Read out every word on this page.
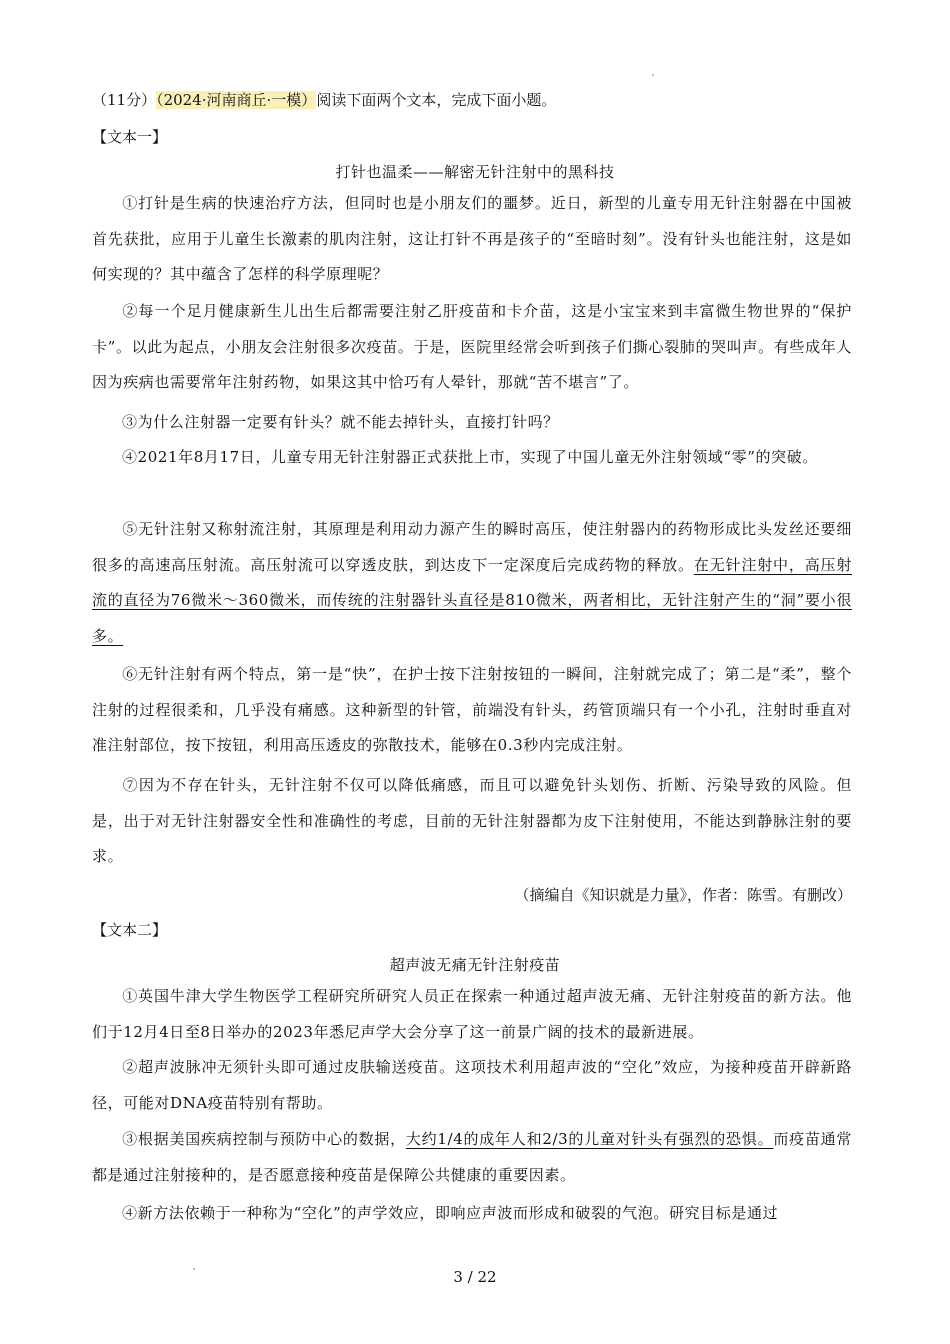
（11分）（2024·河南商丘·一模）阅读下面两个文本，完成下面小题。
【文本一】
打针也温柔——解密无针注射中的黑科技
①打针是生病的快速治疗方法，但同时也是小朋友们的噩梦。近日，新型的儿童专用无针注射器在中国被首先获批，应用于儿童生长激素的肌肉注射，这让打针不再是孩子的“至暗时刻”。没有针头也能注射，这是如何实现的？其中蕴含了怎样的科学原理呢？
②每一个足月健康新生儿出生后都需要注射乙肝疫苗和卡介苗，这是小宝宝来到丰富微生物世界的“保护卡”。以此为起点，小朋友会注射很多次疫苗。于是，医院里经常会听到孩子们撕心裂肺的哭叫声。有些成年人因为疾病也需要常年注射药物，如果这其中恰巧有人晕针，那就“苦不堪言”了。
③为什么注射器一定要有针头？就不能去掉针头，直接打针吗？
④2021年8月17日，儿童专用无针注射器正式获批上市，实现了中国儿童无外注射领域“零”的突破。
⑤无针注射又称射流注射，其原理是利用动力源产生的瞬时高压，使注射器内的药物形成比头发丝还要细很多的高速高压射流。高压射流可以穿透皮肤，到达皮下一定深度后完成药物的释放。在无针注射中，高压射流的直径为76微米～360微米，而传统的注射器针头直径是810微米，两者相比，无针注射产生的“洞”要小很多。
⑥无针注射有两个特点，第一是“快”，在护士按下注射按钮的一瞬间，注射就完成了；第二是“柔”，整个注射的过程很柔和，几乎没有痛感。这种新型的针管，前端没有针头，药管顶端只有一个小孔，注射时垂直对准注射部位，按下按钮，利用高压透皮的弥散技术，能够在0.3秒内完成注射。
⑦因为不存在针头，无针注射不仅可以降低痛感，而且可以避免针头划伤、折断、污染导致的风险。但是，出于对无针注射器安全性和准确性的考虑，目前的无针注射器都为皮下注射使用，不能达到静脉注射的要求。
（摘编自《知识就是力量》，作者：陈雪。有删改）
【文本二】
超声波无痛无针注射疫苗
①英国牛津大学生物医学工程研究所研究人员正在探索一种通过超声波无痛、无针注射疫苗的新方法。他们于12月4日至8日举办的2023年悉尼声学大会分享了这一前景广阔的技术的最新进展。
②超声波脉冲无须针头即可通过皮肤输送疫苗。这项技术利用超声波的“空化”效应，为接种疫苗开辟新路径，可能对DNA疫苗特别有帮助。
③根据美国疾病控制与预防中心的数据，大约1/4的成年人和2/3的儿童对针头有强烈的恐惧。而疫苗通常都是通过注射接种的，是否愿意接种疫苗是保障公共健康的重要因素。
④新方法依赖于一种称为“空化”的声学效应，即响应声波而形成和破裂的气泡。研究目标是通过
3 / 22
